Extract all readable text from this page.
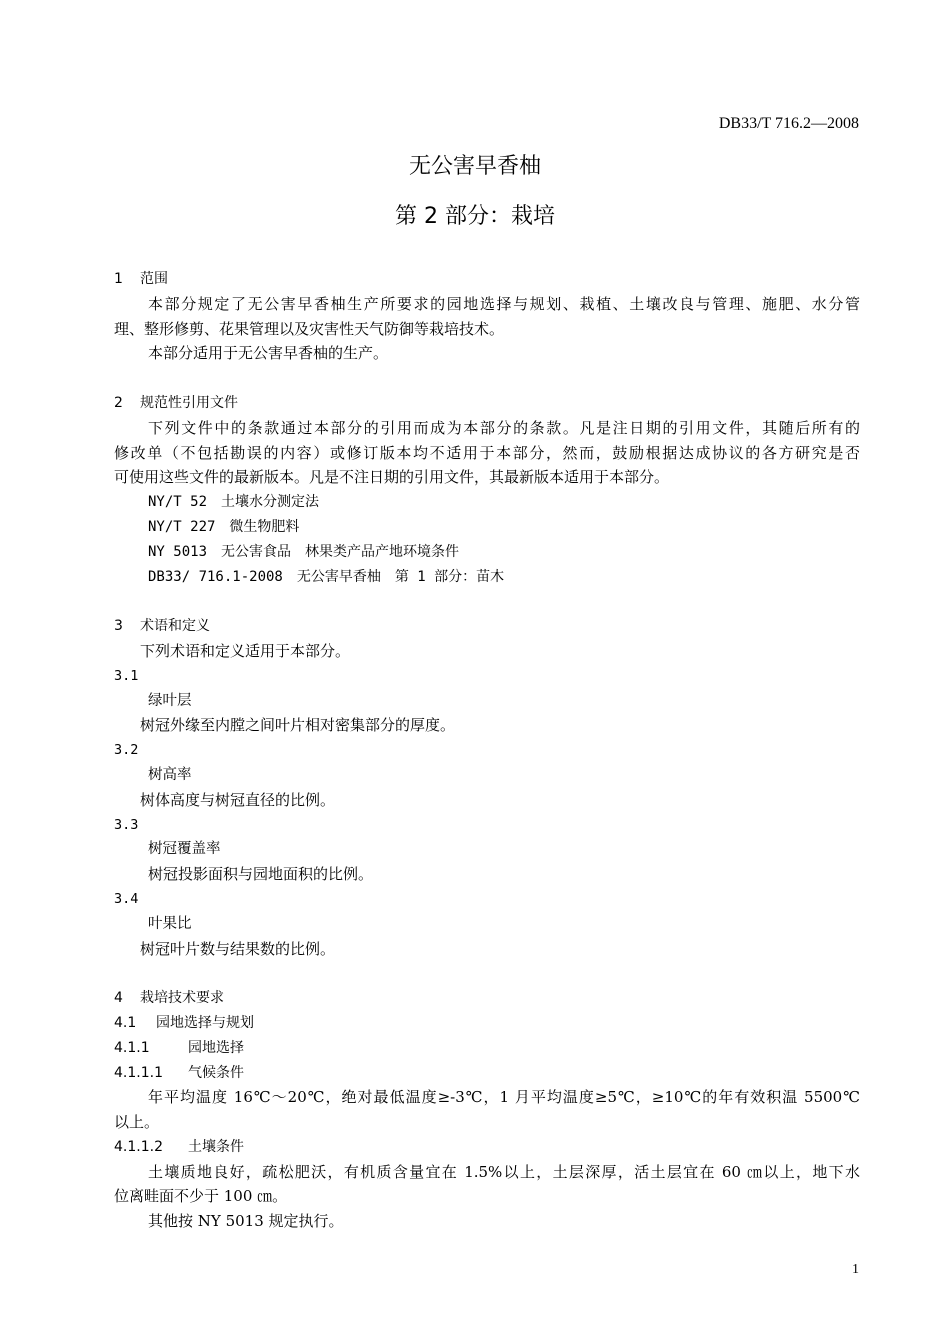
DB33/T 716.2—2008
无公害早香柚
第 2 部分：栽培
1 范围
本部分规定了无公害早香柚生产所要求的园地选择与规划、栽植、土壤改良与管理、施肥、水分管
理、整形修剪、花果管理以及灾害性天气防御等栽培技术。
本部分适用于无公害早香柚的生产。
2 规范性引用文件
下列文件中的条款通过本部分的引用而成为本部分的条款。凡是注日期的引用文件，其随后所有的
修改单（不包括勘误的内容）或修订版本均不适用于本部分，然而，鼓励根据达成协议的各方研究是否
可使用这些文件的最新版本。凡是不注日期的引用文件，其最新版本适用于本部分。
NY/T 52　土壤水分测定法
NY/T 227　微生物肥料
NY 5013　无公害食品　林果类产品产地环境条件
DB33/ 716.1-2008　无公害早香柚　第 1 部分：苗木
3 术语和定义
下列术语和定义适用于本部分。
3.1
绿叶层
树冠外缘至内膛之间叶片相对密集部分的厚度。
3.2
树高率
树体高度与树冠直径的比例。
3.3
树冠覆盖率
树冠投影面积与园地面积的比例。
3.4
叶果比
树冠叶片数与结果数的比例。
4 栽培技术要求
4.1 园地选择与规划
4.1.1	园地选择
4.1.1.1 气候条件
年平均温度 16℃～20℃，绝对最低温度≥-3℃，1 月平均温度≥5℃，≥10℃的年有效积温 5500℃
以上。
4.1.1.2 土壤条件
土壤质地良好，疏松肥沃，有机质含量宜在 1.5%以上，土层深厚，活土层宜在 60 ㎝以上，地下水
位离畦面不少于 100 ㎝。
其他按 NY 5013 规定执行。
1
